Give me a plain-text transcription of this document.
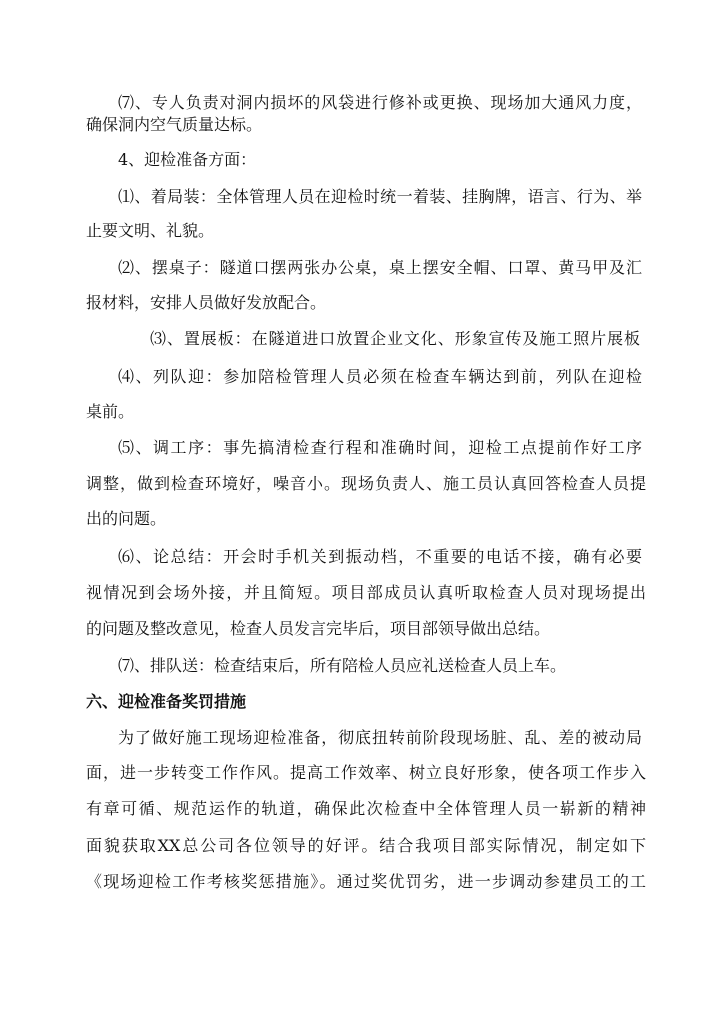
⑺、专人负责对洞内损坏的风袋进行修补或更换、现场加大通风力度，
确保洞内空气质量达标。
4、迎检准备方面：
⑴、着局装：全体管理人员在迎检时统一着装、挂胸牌，语言、行为、举
止要文明、礼貌。
⑵、摆桌子：隧道口摆两张办公桌，桌上摆安全帽、口罩、黄马甲及汇
报材料，安排人员做好发放配合。
⑶、置展板：在隧道进口放置企业文化、形象宣传及施工照片展板
⑷、列队迎：参加陪检管理人员必须在检查车辆达到前，列队在迎检
桌前。
⑸、调工序：事先搞清检查行程和准确时间，迎检工点提前作好工序
调整，做到检查环境好，噪音小。现场负责人、施工员认真回答检查人员提
出的问题。
⑹、论总结：开会时手机关到振动档，不重要的电话不接，确有必要
视情况到会场外接，并且简短。项目部成员认真听取检查人员对现场提出
的问题及整改意见，检查人员发言完毕后，项目部领导做出总结。
⑺、排队送：检查结束后，所有陪检人员应礼送检查人员上车。
六、迎检准备奖罚措施
为了做好施工现场迎检准备，彻底扭转前阶段现场脏、乱、差的被动局
面，进一步转变工作作风。提高工作效率、树立良好形象，使各项工作步入
有章可循、规范运作的轨道，确保此次检查中全体管理人员一崭新的精神
面貌获取XX总公司各位领导的好评。结合我项目部实际情况，制定如下
《现场迎检工作考核奖惩措施》。通过奖优罚劣，进一步调动参建员工的工
